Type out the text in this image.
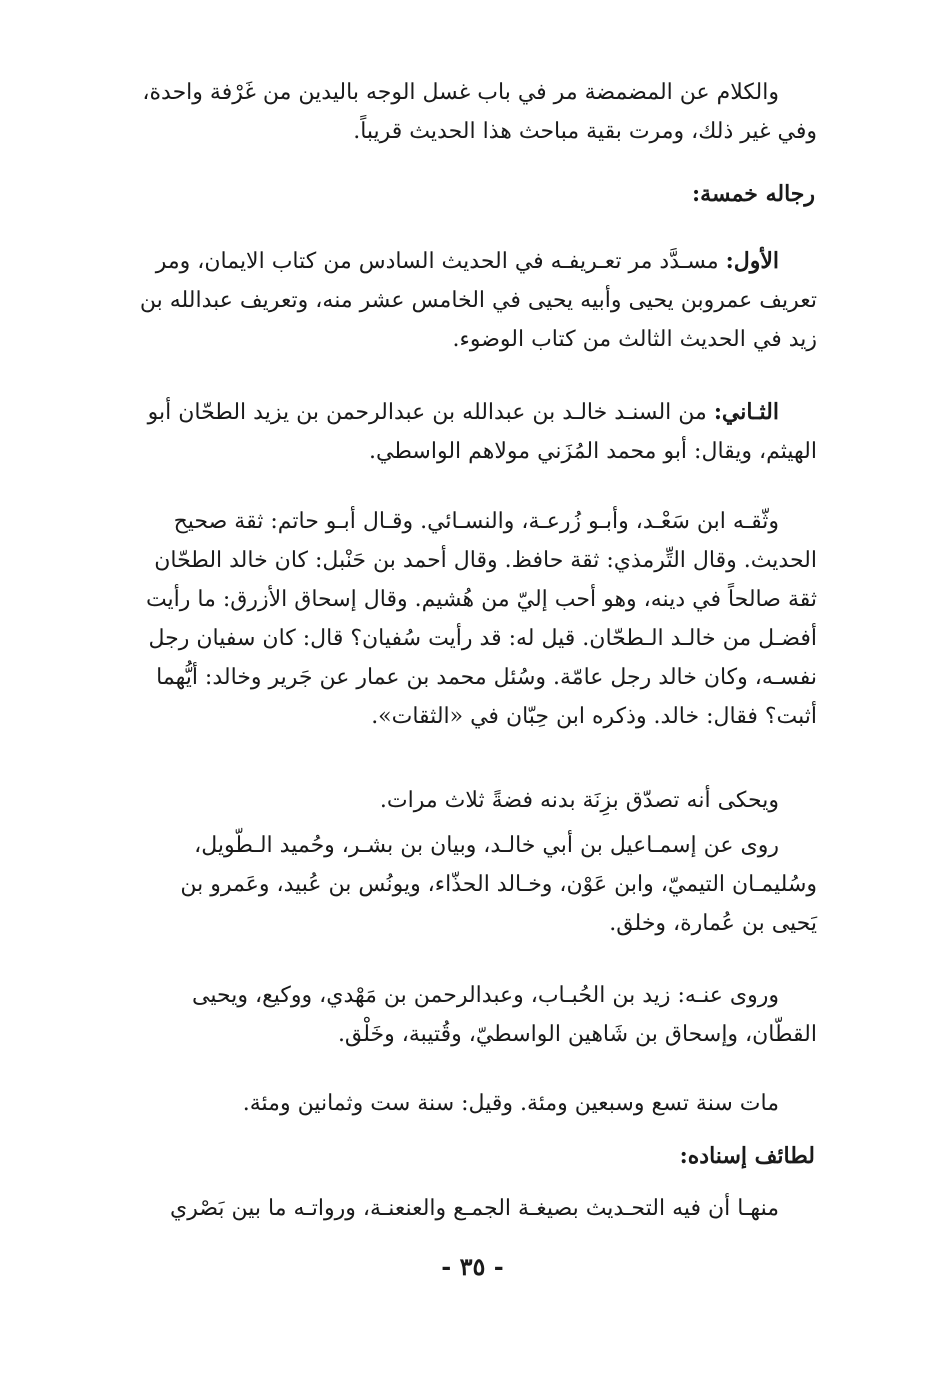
والكلام عن المضمضة مر في باب غسل الوجه باليدين من غَرْفة واحدة،
وفي غير ذلك، ومرت بقية مباحث هذا الحديث قريباً.
رجاله خمسة:
الأول: مسـدَّد مر تعـريفـه في الحديث السادس من كتاب الايمان، ومر
تعريف عمروبن يحيى وأبيه يحيى في الخامس عشر منه، وتعريف عبدالله بن
زيد في الحديث الثالث من كتاب الوضوء.
الثـاني: من السنـد خالـد بن عبدالله بن عبدالرحمن بن يزيد الطحّان أبو
الهيثم، ويقال: أبو محمد المُزَني مولاهم الواسطي.
وثّقـه ابن سَعْـد، وأبـو زُرعـة، والنسـائي. وقـال أبـو حاتم: ثقة صحيح
الحديث. وقال التِّرمذي: ثقة حافظ. وقال أحمد بن حَنْبل: كان خالد الطحّان
ثقة صالحاً في دينه، وهو أحب إليّ من هُشيم. وقال إسحاق الأزرق: ما رأيت
أفضـل من خالـد الـطحّان. قيل له: قد رأيت سُفيان؟ قال: كان سفيان رجل
نفسـه، وكان خالد رجل عامّة. وسُئل محمد بن عمار عن جَرير وخالد: أيُّهما
أثبت؟ فقال: خالد. وذكره ابن حِبّان في «الثقات».
ويحكى أنه تصدّق بزِنَة بدنه فضةً ثلاث مرات.
روى عن إسمـاعيل بن أبي خالـد، وبيان بن بشـر، وحُميد الـطّويل،
وسُليمـان التيميّ، وابن عَوْن، وخـالد الحذّاء، ويونُس بن عُبيد، وعَمرو بن
يَحيى بن عُمارة، وخلق.
وروى عنـه: زيد بن الحُبـاب، وعبدالرحمن بن مَهْدي، ووكيع، ويحيى
القطّان، وإسحاق بن شَاهين الواسطيّ، وقُتيبة، وخَلْق.
مات سنة تسع وسبعين ومئة. وقيل: سنة ست وثمانين ومئة.
لطائف إسناده:
منهـا أن فيه التحـديث بصيغـة الجمـع والعنعنـة، ورواتـه ما بين بَصْري
- ٣٥ -
